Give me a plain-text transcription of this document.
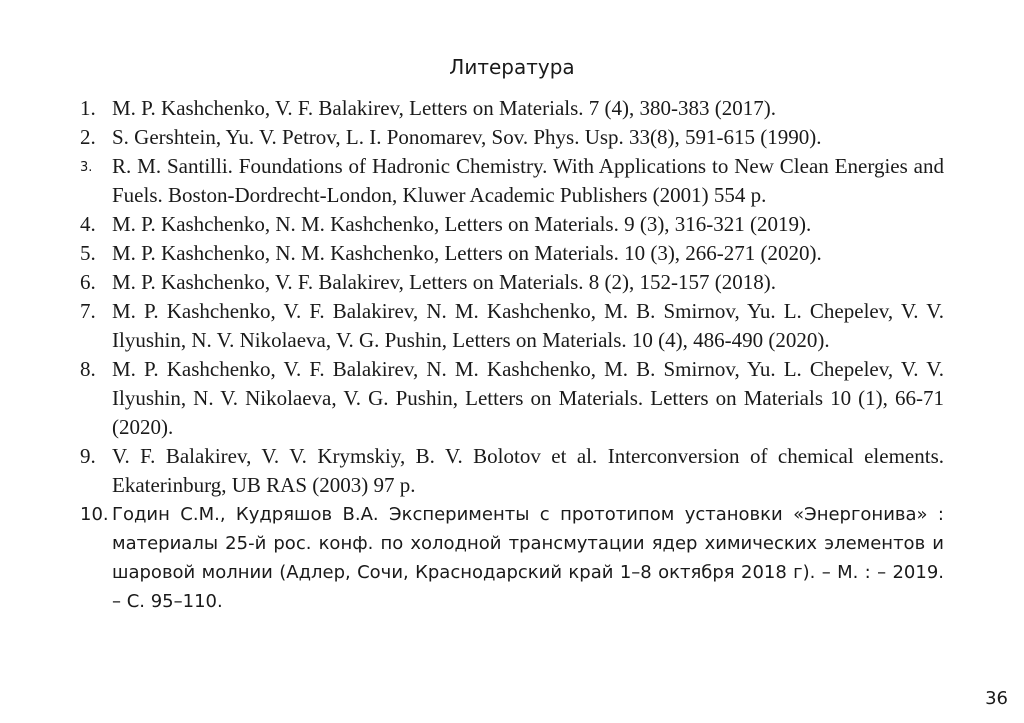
Литература
1. M. P. Kashchenko, V. F. Balakirev, Letters on Materials. 7 (4), 380-383 (2017).
2. S. Gershtein, Yu. V. Petrov, L. I. Ponomarev, Sov. Phys. Usp. 33(8), 591-615 (1990).
3. R. M. Santilli. Foundations of Hadronic Chemistry. With Applications to New Clean Energies and Fuels. Boston-Dordrecht-London, Kluwer Academic Publishers (2001) 554 p.
4. M. P. Kashchenko, N. M. Kashchenko, Letters on Materials. 9 (3), 316-321 (2019).
5. M. P. Kashchenko, N. M. Kashchenko, Letters on Materials. 10 (3), 266-271 (2020).
6. M. P. Kashchenko, V. F. Balakirev, Letters on Materials. 8 (2), 152-157 (2018).
7. M. P. Kashchenko, V. F. Balakirev, N. M. Kashchenko, M. B. Smirnov, Yu. L. Chepelev, V. V. Ilyushin, N. V. Nikolaeva, V. G. Pushin, Letters on Materials. 10 (4), 486-490 (2020).
8. M. P. Kashchenko, V. F. Balakirev, N. M. Kashchenko, M. B. Smirnov, Yu. L. Chepelev, V. V. Ilyushin, N. V. Nikolaeva, V. G. Pushin, Letters on Materials. Letters on Materials 10 (1), 66-71 (2020).
9. V. F. Balakirev, V. V. Krymskiy, B. V. Bolotov et al. Interconversion of chemical elements. Ekaterinburg, UB RAS (2003) 97 p.
10. Годин С.М., Кудряшов В.А. Эксперименты с прототипом установки «Энергонива» : материалы 25-й рос. конф. по холодной трансмутации ядер химических элементов и шаровой молнии (Адлер, Сочи, Краснодарский край 1–8 октября 2018 г). – М. : – 2019. – С. 95–110.
36
